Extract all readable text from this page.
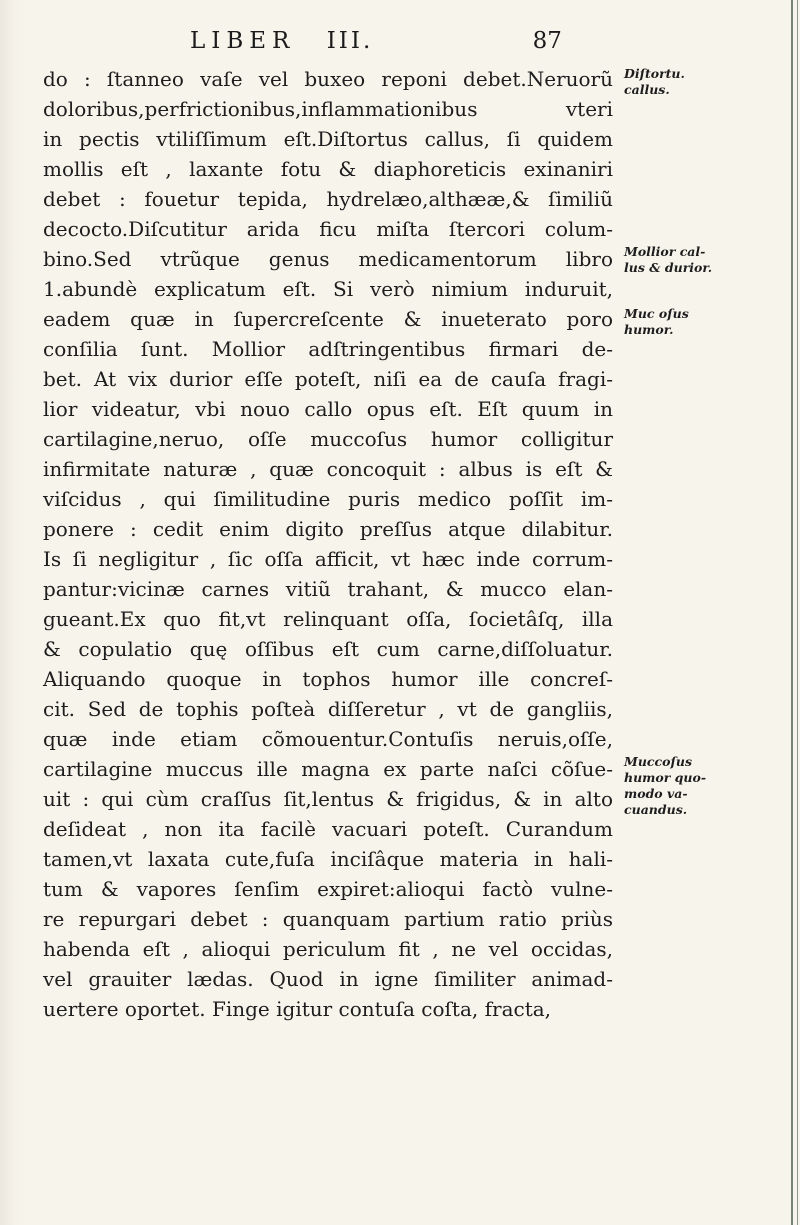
LIBER III.	87
do : ſtanneo vaſe vel buxeo reponi debet.Neruorũ
doloribus,perfrictionibus,inflammationibus vteri
in pectis vtiliſſimum eſt.Diſtortus callus, ſi quidem
mollis eſt , laxante fotu & diaphoreticis exinaniri
debet : fouetur tepida, hydrelæo,althææ,& ſimiliũ
decocto.Diſcutitur arida ficu miſta ſtercori colum-
bino.Sed vtrũque genus medicamentorum libro
1.abundè explicatum eſt. Si verò nimium induruit,
eadem quæ in ſupercreſcente & inueterato poro
conſilia ſunt. Mollior adſtringentibus firmari de-
bet. At vix durior eſſe poteſt, niſi ea de cauſa fragi-
lior videatur, vbi nouo callo opus eſt. Eſt quum in
cartilagine,neruo, oſſe muccoſus humor colligitur
infirmitate naturæ , quæ concoquit : albus is eſt &
viſcidus , qui ſimilitudine puris medico poſſit im-
ponere : cedit enim digito preſſus atque dilabitur.
Is ſi negligitur , ſic oſſa afficit, vt hæc inde corrum-
pantur:vicinæ carnes vitiũ trahant, & mucco elan-
gueant.Ex quo fit,vt relinquant oſſa, ſocietâſq, illa
& copulatio quę oſſibus eſt cum carne,diſſoluatur.
Aliquando quoque in tophos humor ille concreſ-
cit. Sed de tophis poſteà diſſeretur , vt de gangliis,
quæ inde etiam cõmouentur.Contuſis neruis,oſſe,
cartilagine muccus ille magna ex parte naſci cõſue-
uit : qui cùm craſſus ſit,lentus & frigidus, & in alto
deſideat , non ita facilè vacuari poteſt. Curandum
tamen,vt laxata cute,fuſa inciſâque materia in hali-
tum & vapores ſenſim expiret:alioqui factò vulne-
re repurgari debet : quanquam partium ratio priùs
habenda eſt , alioqui periculum fit , ne vel occidas,
vel grauiter lædas. Quod in igne ſimiliter animad-
uertere oportet. Finge igitur contuſa coſta, fracta,
Diſtortu.
callus.
Mollior cal-
lus & durior.
Muc oſus
humor.
Muccoſus
humor quo-
modo va-
cuandus.
